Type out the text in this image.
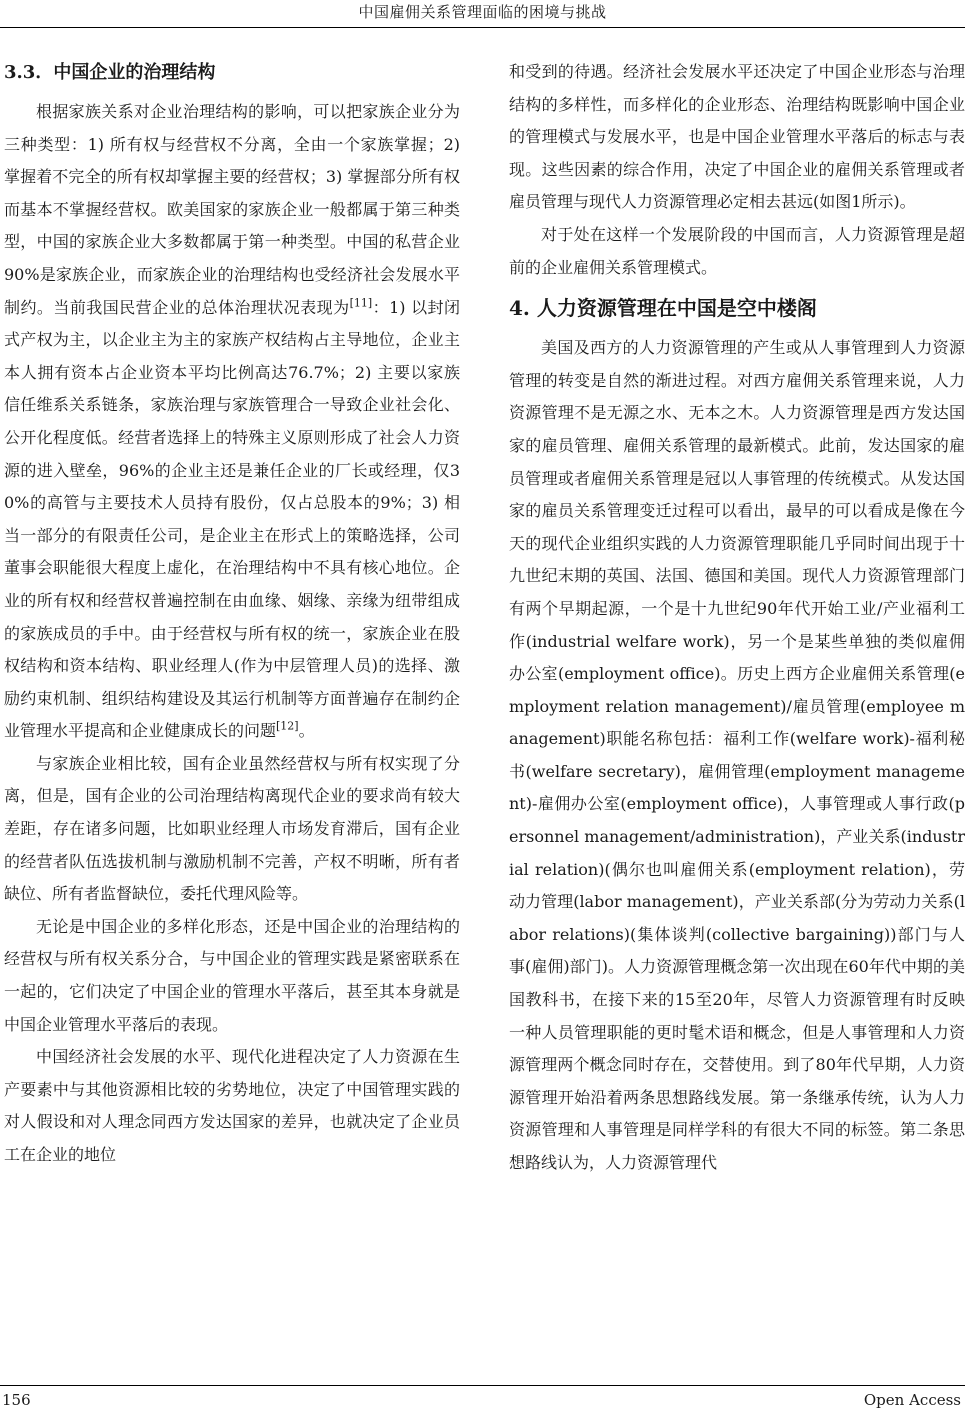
中国雇佣关系管理面临的困境与挑战
3.3．中国企业的治理结构

根据家族关系对企业治理结构的影响，可以把家族企业分为三种类型：1) 所有权与经营权不分离，全由一个家族掌握；2) 掌握着不完全的所有权却掌握主要的经营权；3) 掌握部分所有权而基本不掌握经营权。欧美国家的家族企业一般都属于第三种类型，中国的家族企业大多数都属于第一种类型。中国的私营企业90%是家族企业，而家族企业的治理结构也受经济社会发展水平制约。当前我国民营企业的总体治理状况表现为[11]：1) 以封闭式产权为主，以企业主为主的家族产权结构占主导地位，企业主本人拥有资本占企业资本平均比例高达76.7%；2) 主要以家族信任维系关系链条，家族治理与家族管理合一导致企业社会化、公开化程度低。经营者选择上的特殊主义原则形成了社会人力资源的进入壁垒，96%的企业主还是兼任企业的厂长或经理，仅30%的高管与主要技术人员持有股份，仅占总股本的9%；3) 相当一部分的有限责任公司，是企业主在形式上的策略选择，公司董事会职能很大程度上虚化，在治理结构中不具有核心地位。企业的所有权和经营权普遍控制在由血缘、姻缘、亲缘为纽带组成的家族成员的手中。由于经营权与所有权的统一，家族企业在股权结构和资本结构、职业经理人(作为中层管理人员)的选择、激励约束机制、组织结构建设及其运行机制等方面普遍存在制约企业管理水平提高和企业健康成长的问题[12]。

与家族企业相比较，国有企业虽然经营权与所有权实现了分离，但是，国有企业的公司治理结构离现代企业的要求尚有较大差距，存在诸多问题，比如职业经理人市场发育滞后，国有企业的经营者队伍选拔机制与激励机制不完善，产权不明晰，所有者缺位、所有者监督缺位，委托代理风险等。

无论是中国企业的多样化形态，还是中国企业的治理结构的经营权与所有权关系分合，与中国企业的管理实践是紧密联系在一起的，它们决定了中国企业的管理水平落后，甚至其本身就是中国企业管理水平落后的表现。

中国经济社会发展的水平、现代化进程决定了人力资源在生产要素中与其他资源相比较的劣势地位，决定了中国管理实践的对人假设和对人理念同西方发达国家的差异，也就决定了企业员工在企业的地位

和受到的待遇。经济社会发展水平还决定了中国企业形态与治理结构的多样性，而多样化的企业形态、治理结构既影响中国企业的管理模式与发展水平，也是中国企业管理水平落后的标志与表现。这些因素的综合作用，决定了中国企业的雇佣关系管理或者雇员管理与现代人力资源管理必定相去甚远(如图1所示)。

对于处在这样一个发展阶段的中国而言，人力资源管理是超前的企业雇佣关系管理模式。

4. 人力资源管理在中国是空中楼阁

美国及西方的人力资源管理的产生或从人事管理到人力资源管理的转变是自然的渐进过程。对西方雇佣关系管理来说，人力资源管理不是无源之水、无本之木。人力资源管理是西方发达国家的雇员管理、雇佣关系管理的最新模式。此前，发达国家的雇员管理或者雇佣关系管理是冠以人事管理的传统模式。从发达国家的雇员关系管理变迁过程可以看出，最早的可以看成是像在今天的现代企业组织实践的人力资源管理职能几乎同时间出现于十九世纪末期的英国、法国、德国和美国。现代人力资源管理部门有两个早期起源，一个是十九世纪90年代开始工业/产业福利工作(industrial welfare work)，另一个是某些单独的类似雇佣办公室(employment office)。历史上西方企业雇佣关系管理(employment relation management)/雇员管理(employee management)职能名称包括：福利工作(welfare work)-福利秘书(welfare secretary)，雇佣管理(employment management)-雇佣办公室(employment office)，人事管理或人事行政(personnel management/administration)，产业关系(industrial relation)(偶尔也叫雇佣关系(employment relation)，劳动力管理(labor management)，产业关系部(分为劳动力关系(labor relations)(集体谈判(collective bargaining))部门与人事(雇佣)部门)。人力资源管理概念第一次出现在60年代中期的美国教科书，在接下来的15至20年，尽管人力资源管理有时反映一种人员管理职能的更时髦术语和概念，但是人事管理和人力资源管理两个概念同时存在，交替使用。到了80年代早期，人力资源管理开始沿着两条思想路线发展。第一条继承传统，认为人力资源管理和人事管理是同样学科的有很大不同的标签。第二条思想路线认为，人力资源管理代

156	Open Access
